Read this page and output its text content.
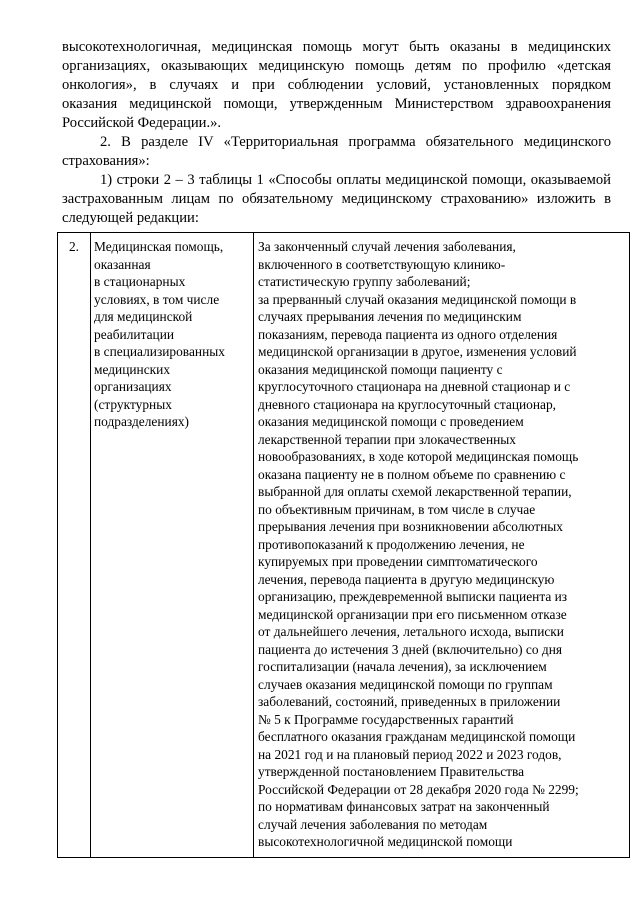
высокотехнологичная, медицинская помощь могут быть оказаны в медицинских
организациях, оказывающих медицинскую помощь детям по профилю «детская
онкология», в случаях и при соблюдении условий, установленных порядком
оказания медицинской помощи, утвержденным Министерством здравоохранения
Российской Федерации.».

2. В разделе IV «Территориальная программа обязательного медицинского страхования»:

1) строки 2 – 3 таблицы 1 «Способы оплаты медицинской помощи, оказываемой застрахованным лицам по обязательному медицинскому страхованию» изложить в следующей редакции:

2.	Медицинская помощь,
оказанная
в стационарных
условиях, в том числе
для медицинской
реабилитации
в специализированных
медицинских
организациях
(структурных
подразделениях)

За законченный случай лечения заболевания,
включенного в соответствующую клинико-
статистическую группу заболеваний;
за прерванный случай оказания медицинской помощи в
случаях прерывания лечения по медицинским
показаниям, перевода пациента из одного отделения
медицинской организации в другое, изменения условий
оказания медицинской помощи пациенту с
круглосуточного стационара на дневной стационар и с
дневного стационара на круглосуточный стационар,
оказания медицинской помощи с проведением
лекарственной терапии при злокачественных
новообразованиях, в ходе которой медицинская помощь
оказана пациенту не в полном объеме по сравнению с
выбранной для оплаты схемой лекарственной терапии,
по объективным причинам, в том числе в случае
прерывания лечения при возникновении абсолютных
противопоказаний к продолжению лечения, не
купируемых при проведении симптоматического
лечения, перевода пациента в другую медицинскую
организацию, преждевременной выписки пациента из
медицинской организации при его письменном отказе
от дальнейшего лечения, летального исхода, выписки
пациента до истечения 3 дней (включительно) со дня
госпитализации (начала лечения), за исключением
случаев оказания медицинской помощи по группам
заболеваний, состояний, приведенных в приложении
№ 5 к Программе государственных гарантий
бесплатного оказания гражданам медицинской помощи
на 2021 год и на плановый период 2022 и 2023 годов,
утвержденной постановлением Правительства
Российской Федерации от 28 декабря 2020 года № 2299;
по нормативам финансовых затрат на законченный
случай лечения заболевания по методам
высокотехнологичной медицинской помощи
